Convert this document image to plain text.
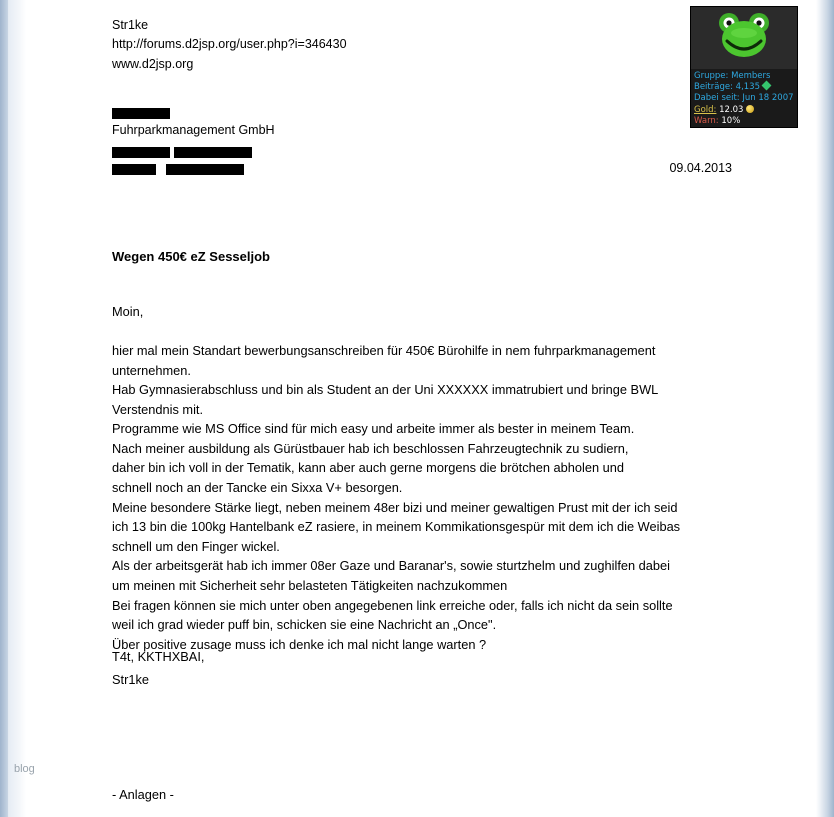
Str1ke
http://forums.d2jsp.org/user.php?i=346430
www.d2jsp.org
Gruppe: Members
Beiträge: 4,135
Dabei seit: Jun 18 2007
Gold: 12.03
Warn: 10%
Fuhrparkmanagement GmbH
09.04.2013
Wegen 450€ eZ Sesseljob
Moin,

hier mal mein Standart bewerbungsanschreiben für 450€ Bürohilfe in nem fuhrparkmanagement

unternehmen.

Hab Gymnasierabschluss und bin als Student an der Uni XXXXXX immatrubiert und bringe BWL

Verstendnis mit.

Programme wie MS Office sind für mich easy und arbeite immer als bester in meinem Team.

Nach meiner ausbildung als Gürüstbauer hab ich beschlossen Fahrzeugtechnik zu sudiern,

daher bin ich voll in der Tematik, kann aber auch gerne morgens die brötchen abholen und

schnell noch an der Tancke ein Sixxa V+ besorgen.

Meine besondere Stärke liegt, neben meinem 48er bizi und meiner gewaltigen Prust mit der ich seid

ich 13 bin die 100kg Hantelbank eZ rasiere, in meinem Kommikationsgespür mit dem ich die Weibas

schnell um den Finger wickel.

Als der arbeitsgerät hab ich immer 08er Gaze und Baranar's, sowie sturtzhelm und zughilfen dabei

um meinen mit Sicherheit sehr belasteten Tätigkeiten nachzukommen

Bei fragen können sie mich unter oben angegebenen link erreiche oder, falls ich nicht da sein sollte

weil ich grad wieder puff bin, schicken sie eine Nachricht an „Once".

Über positive zusage muss ich denke ich mal nicht lange warten ?

T4t, KKTHXBAI,
Str1ke
- Anlagen -
blog
